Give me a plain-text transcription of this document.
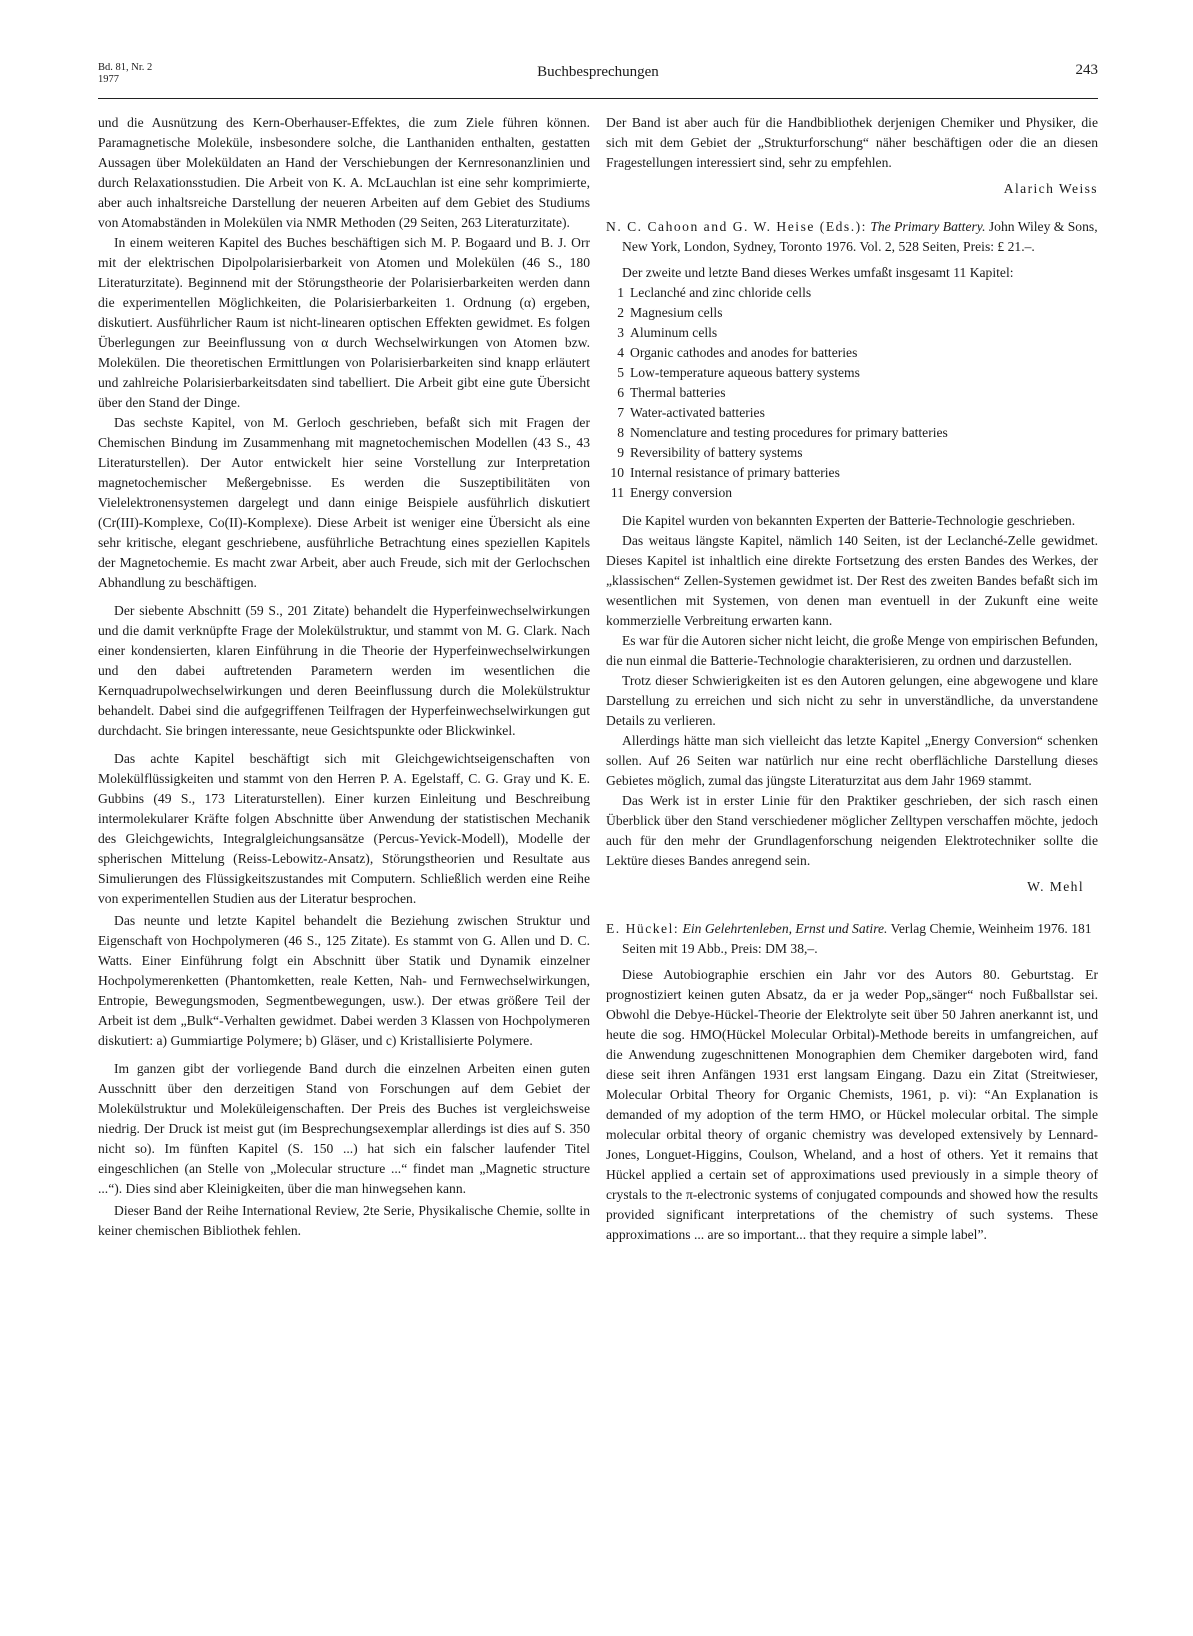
Bd. 81, Nr. 2
1977	Buchbesprechungen	243

und die Ausnützung des Kern-Oberhauser-Effektes, die zum Ziele führen können. Paramagnetische Moleküle, insbesondere solche, die Lanthaniden enthalten, gestatten Aussagen über Moleküldaten an Hand der Verschiebungen der Kernresonanzlinien und durch Relaxationsstudien. Die Arbeit von K. A. McLauchlan ist eine sehr komprimierte, aber auch inhaltsreiche Darstellung der neueren Arbeiten auf dem Gebiet des Studiums von Atomabständen in Molekülen via NMR Methoden (29 Seiten, 263 Literaturzitate).

In einem weiteren Kapitel des Buches beschäftigen sich M. P. Bogaard und B. J. Orr mit der elektrischen Dipolpolarisierbarkeit von Atomen und Molekülen (46 S., 180 Literaturzitate). Beginnend mit der Störungstheorie der Polarisierbarkeiten werden dann die experimentellen Möglichkeiten, die Polarisierbarkeiten 1. Ordnung (α) ergeben, diskutiert. Ausführlicher Raum ist nicht-linearen optischen Effekten gewidmet. Es folgen Überlegungen zur Beeinflussung von α durch Wechselwirkungen von Atomen bzw. Molekülen. Die theoretischen Ermittlungen von Polarisierbarkeiten sind knapp erläutert und zahlreiche Polarisierbarkeitsdaten sind tabelliert. Die Arbeit gibt eine gute Übersicht über den Stand der Dinge.

Das sechste Kapitel, von M. Gerloch geschrieben, befaßt sich mit Fragen der Chemischen Bindung im Zusammenhang mit magnetochemischen Modellen (43 S., 43 Literaturstellen). Der Autor entwickelt hier seine Vorstellung zur Interpretation magnetochemischer Meßergebnisse. Es werden die Suszeptibilitäten von Vielelektronensystemen dargelegt und dann einige Beispiele ausführlich diskutiert (Cr(III)-Komplexe, Co(II)-Komplexe). Diese Arbeit ist weniger eine Übersicht als eine sehr kritische, elegant geschriebene, ausführliche Betrachtung eines speziellen Kapitels der Magnetochemie. Es macht zwar Arbeit, aber auch Freude, sich mit der Gerlochschen Abhandlung zu beschäftigen.

Der siebente Abschnitt (59 S., 201 Zitate) behandelt die Hyperfeinwechselwirkungen und die damit verknüpfte Frage der Molekülstruktur, und stammt von M. G. Clark. Nach einer kondensierten, klaren Einführung in die Theorie der Hyperfeinwechselwirkungen und den dabei auftretenden Parametern werden im wesentlichen die Kernquadrupolwechselwirkungen und deren Beeinflussung durch die Molekülstruktur behandelt. Dabei sind die aufgegriffenen Teilfragen der Hyperfeinwechselwirkungen gut durchdacht. Sie bringen interessante, neue Gesichtspunkte oder Blickwinkel.

Das achte Kapitel beschäftigt sich mit Gleichgewichtseigenschaften von Molekülflüssigkeiten und stammt von den Herren P. A. Egelstaff, C. G. Gray und K. E. Gubbins (49 S., 173 Literaturstellen). Einer kurzen Einleitung und Beschreibung intermolekularer Kräfte folgen Abschnitte über Anwendung der statistischen Mechanik des Gleichgewichts, Integralgleichungsansätze (Percus-Yevick-Modell), Modelle der spherischen Mittelung (Reiss-Lebowitz-Ansatz), Störungstheorien und Resultate aus Simulierungen des Flüssigkeitszustandes mit Computern. Schließlich werden eine Reihe von experimentellen Studien aus der Literatur besprochen.

Das neunte und letzte Kapitel behandelt die Beziehung zwischen Struktur und Eigenschaft von Hochpolymeren (46 S., 125 Zitate). Es stammt von G. Allen und D. C. Watts. Einer Einführung folgt ein Abschnitt über Statik und Dynamik einzelner Hochpolymerenketten (Phantomketten, reale Ketten, Nah- und Fernwechselwirkungen, Entropie, Bewegungsmoden, Segmentbewegungen, usw.). Der etwas größere Teil der Arbeit ist dem „Bulk“-Verhalten gewidmet. Dabei werden 3 Klassen von Hochpolymeren diskutiert: a) Gummiartige Polymere; b) Gläser, und c) Kristallisierte Polymere.

Im ganzen gibt der vorliegende Band durch die einzelnen Arbeiten einen guten Ausschnitt über den derzeitigen Stand von Forschungen auf dem Gebiet der Molekülstruktur und Moleküleigenschaften. Der Preis des Buches ist vergleichsweise niedrig. Der Druck ist meist gut (im Besprechungsexemplar allerdings ist dies auf S. 350 nicht so). Im fünften Kapitel (S. 150 ...) hat sich ein falscher laufender Titel eingeschlichen (an Stelle von „Molecular structure ...“ findet man „Magnetic structure ...“). Dies sind aber Kleinigkeiten, über die man hinwegsehen kann.

Dieser Band der Reihe International Review, 2te Serie, Physikalische Chemie, sollte in keiner chemischen Bibliothek fehlen.

Der Band ist aber auch für die Handbibliothek derjenigen Chemiker und Physiker, die sich mit dem Gebiet der „Strukturforschung“ näher beschäftigen oder die an diesen Fragestellungen interessiert sind, sehr zu empfehlen.

Alarich Weiss

N. C. Cahoon and G. W. Heise (Eds.): The Primary Battery. John Wiley & Sons, New York, London, Sydney, Toronto 1976. Vol. 2, 528 Seiten, Preis: £ 21.–.

Der zweite und letzte Band dieses Werkes umfaßt insgesamt 11 Kapitel:

1 Leclanché and zinc chloride cells
2 Magnesium cells
3 Aluminum cells
4 Organic cathodes and anodes for batteries
5 Low-temperature aqueous battery systems
6 Thermal batteries
7 Water-activated batteries
8 Nomenclature and testing procedures for primary batteries
9 Reversibility of battery systems
10 Internal resistance of primary batteries
11 Energy conversion

Die Kapitel wurden von bekannten Experten der Batterie-Technologie geschrieben.

Das weitaus längste Kapitel, nämlich 140 Seiten, ist der Leclanché-Zelle gewidmet. Dieses Kapitel ist inhaltlich eine direkte Fortsetzung des ersten Bandes des Werkes, der „klassischen“ Zellen-Systemen gewidmet ist. Der Rest des zweiten Bandes befaßt sich im wesentlichen mit Systemen, von denen man eventuell in der Zukunft eine weite kommerzielle Verbreitung erwarten kann.

Es war für die Autoren sicher nicht leicht, die große Menge von empirischen Befunden, die nun einmal die Batterie-Technologie charakterisieren, zu ordnen und darzustellen.

Trotz dieser Schwierigkeiten ist es den Autoren gelungen, eine abgewogene und klare Darstellung zu erreichen und sich nicht zu sehr in unverständliche, da unverstandene Details zu verlieren.

Allerdings hätte man sich vielleicht das letzte Kapitel „Energy Conversion“ schenken sollen. Auf 26 Seiten war natürlich nur eine recht oberflächliche Darstellung dieses Gebietes möglich, zumal das jüngste Literaturzitat aus dem Jahr 1969 stammt.

Das Werk ist in erster Linie für den Praktiker geschrieben, der sich rasch einen Überblick über den Stand verschiedener möglicher Zelltypen verschaffen möchte, jedoch auch für den mehr der Grundlagenforschung neigenden Elektrotechniker sollte die Lektüre dieses Bandes anregend sein.

W. Mehl

E. Hückel: Ein Gelehrtenleben, Ernst und Satire. Verlag Chemie, Weinheim 1976. 181 Seiten mit 19 Abb., Preis: DM 38,–.

Diese Autobiographie erschien ein Jahr vor des Autors 80. Geburtstag. Er prognostiziert keinen guten Absatz, da er ja weder Pop„sänger“ noch Fußballstar sei. Obwohl die Debye-Hückel-Theorie der Elektrolyte seit über 50 Jahren anerkannt ist, und heute die sog. HMO(Hückel Molecular Orbital)-Methode bereits in umfangreichen, auf die Anwendung zugeschnittenen Monographien dem Chemiker dargeboten wird, fand diese seit ihren Anfängen 1931 erst langsam Eingang. Dazu ein Zitat (Streitwieser, Molecular Orbital Theory for Organic Chemists, 1961, p. vi): “An Explanation is demanded of my adoption of the term HMO, or Hückel molecular orbital. The simple molecular orbital theory of organic chemistry was developed extensively by Lennard-Jones, Longuet-Higgins, Coulson, Wheland, and a host of others. Yet it remains that Hückel applied a certain set of approximations used previously in a simple theory of crystals to the π-electronic systems of conjugated compounds and showed how the results provided significant interpretations of the chemistry of such systems. These approximations ... are so important... that they require a simple label”.
